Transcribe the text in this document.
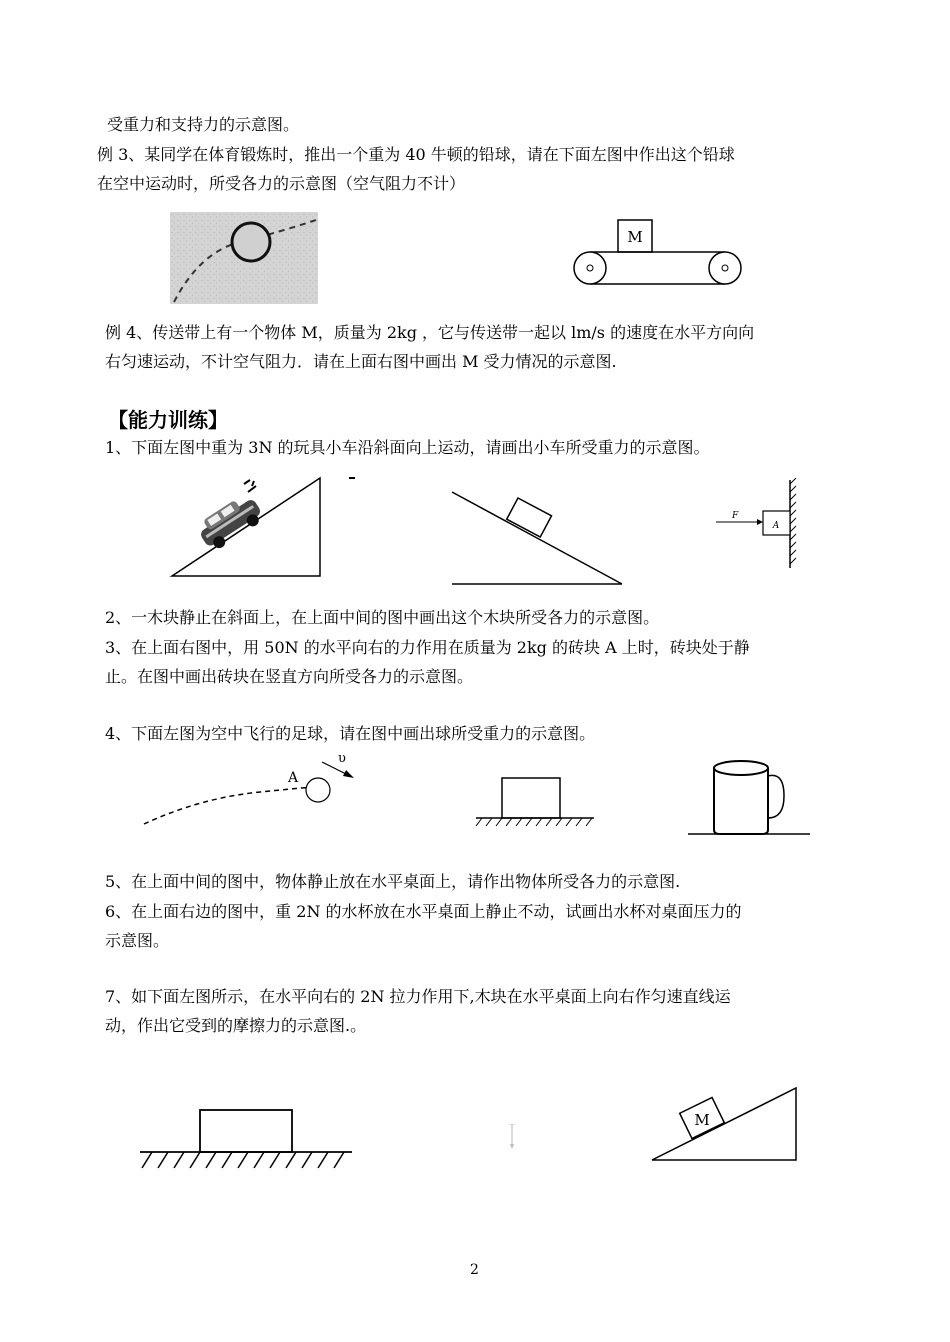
受重力和支持力的示意图。
例 3、某同学在体育锻炼时，推出一个重为 40 牛顿的铅球，请在下面左图中作出这个铅球
在空中运动时，所受各力的示意图（空气阻力不计）
M
例 4、传送带上有一个物体 M，质量为 2kg ，它与传送带一起以 lm/s 的速度在水平方向向
右匀速运动，不计空气阻力．请在上面右图中画出 M 受力情况的示意图.
【能力训练】
1、下面左图中重为 3N 的玩具小车沿斜面向上运动，请画出小车所受重力的示意图。
A
F
2、一木块静止在斜面上，在上面中间的图中画出这个木块所受各力的示意图。
3、在上面右图中，用 50N 的水平向右的力作用在质量为 2kg 的砖块 A 上时，砖块处于静
止。在图中画出砖块在竖直方向所受各力的示意图。
4、下面左图为空中飞行的足球，请在图中画出球所受重力的示意图。
A
υ
5、在上面中间的图中，物体静止放在水平桌面上，请作出物体所受各力的示意图.
6、在上面右边的图中，重 2N 的水杯放在水平桌面上静止不动，试画出水杯对桌面压力的
示意图。
7、如下面左图所示，在水平向右的 2N 拉力作用下,木块在水平桌面上向右作匀速直线运
动，作出它受到的摩擦力的示意图.。
M
2
